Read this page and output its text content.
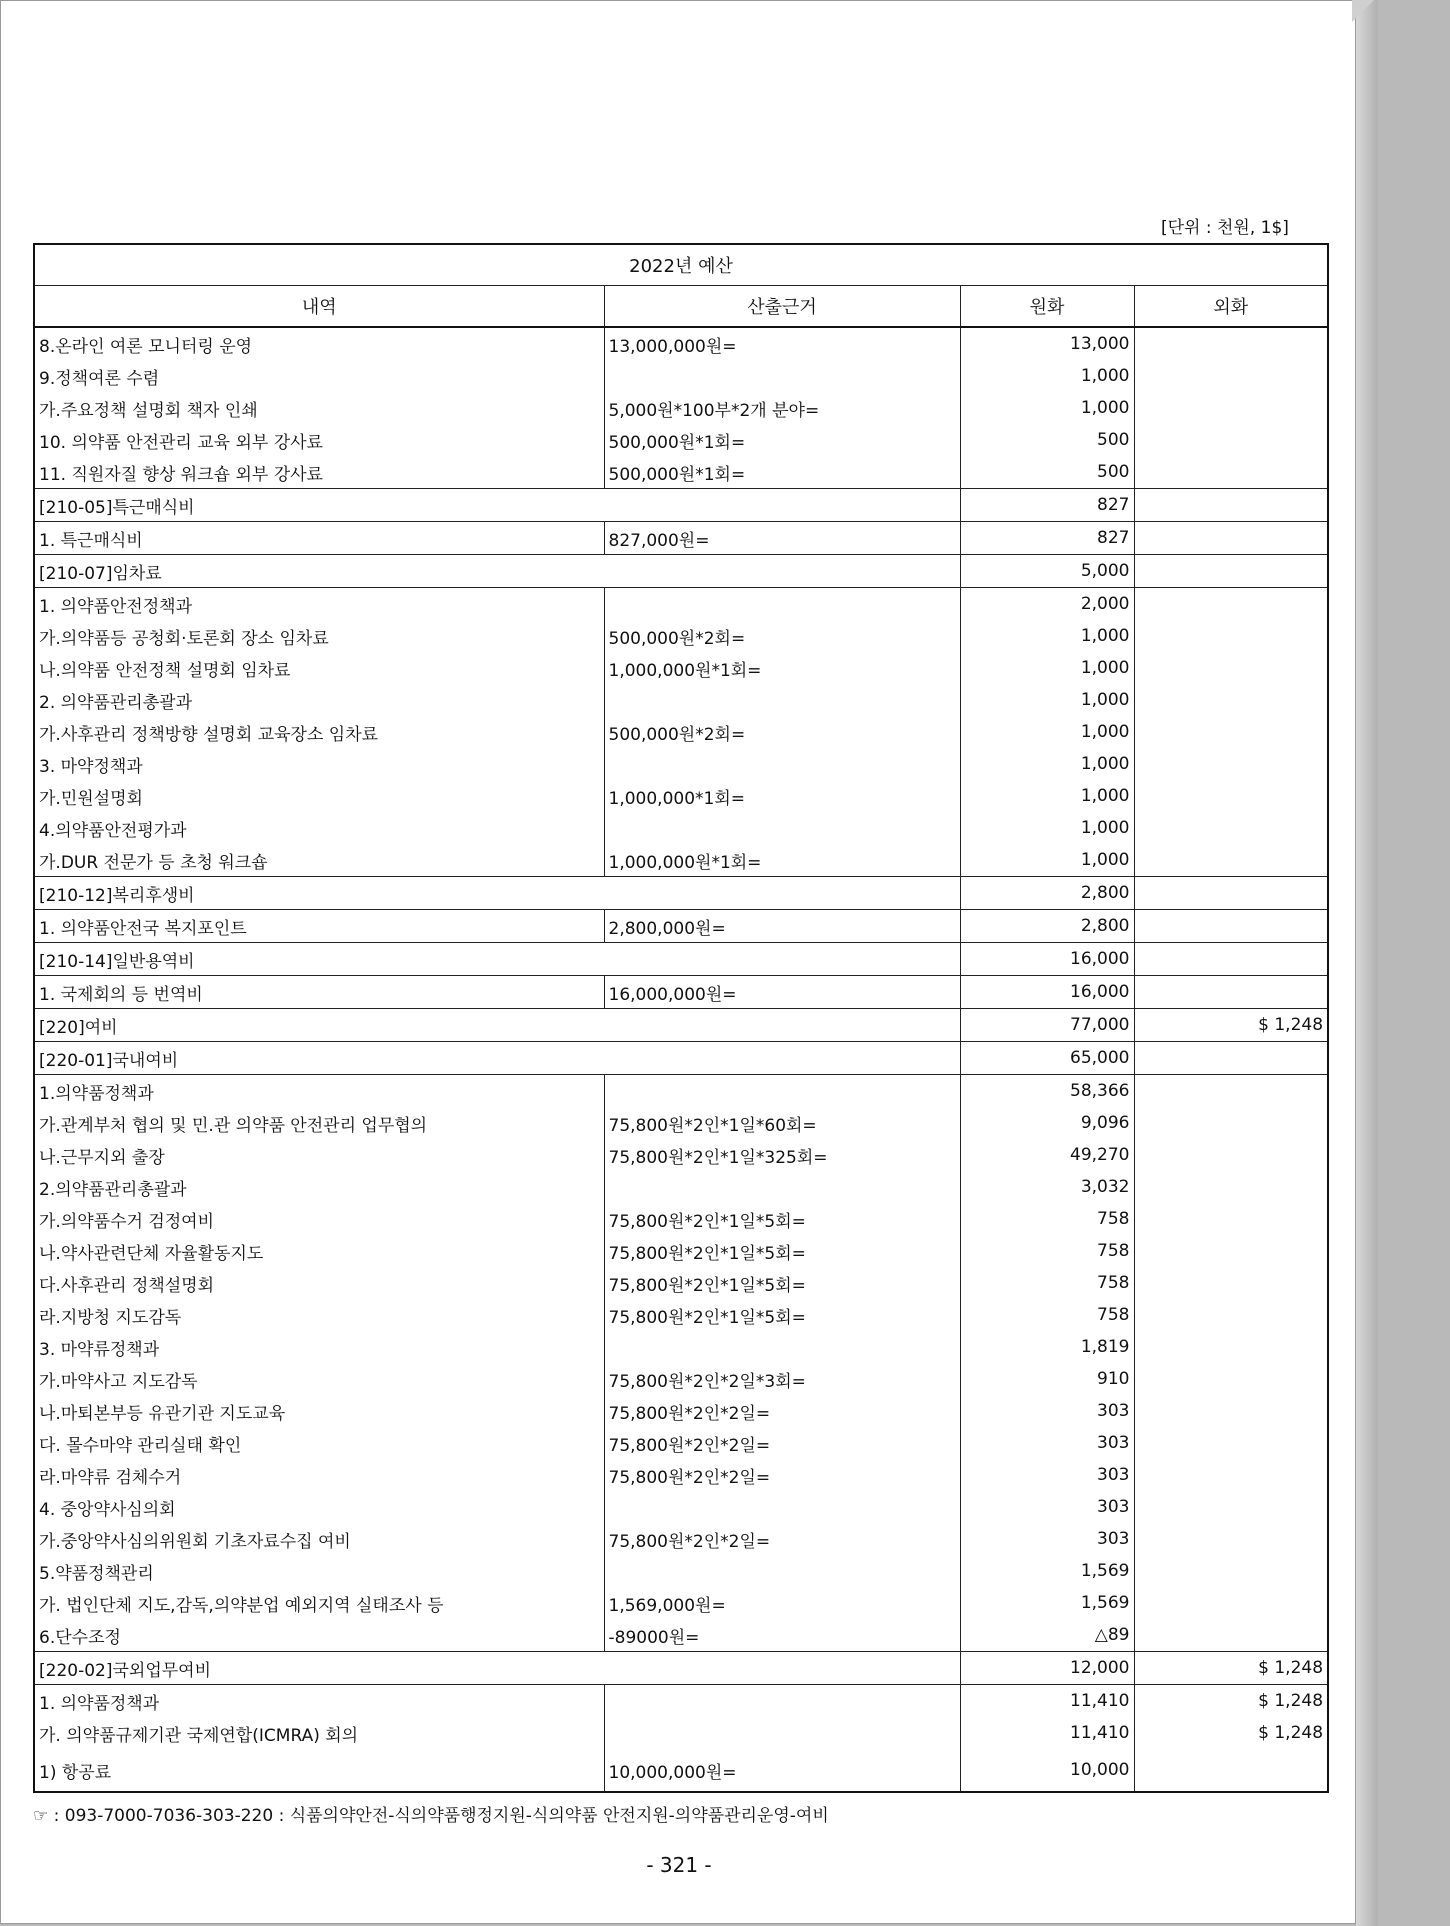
[단위 : 천원, 1$]
2022년 예산			
내역	산출근거	원화	외화
8.온라인 여론 모니터링 운영	13,000,000원=	13,000	
9.정책여론 수렴		1,000	
가.주요정책 설명회 책자 인쇄	5,000원*100부*2개 분야=	1,000	
10. 의약품 안전관리 교육 외부 강사료	500,000원*1회=	500	
11. 직원자질 향상 워크숍 외부 강사료	500,000원*1회=	500	
[210-05]특근매식비		827	
1. 특근매식비	827,000원=	827	
[210-07]임차료		5,000	
1. 의약품안전정책과		2,000	
가.의약품등 공청회·토론회 장소 임차료	500,000원*2회=	1,000	
나.의약품 안전정책 설명회 임차료	1,000,000원*1회=	1,000	
2. 의약품관리총괄과		1,000	
가.사후관리 정책방향 설명회 교육장소 임차료	500,000원*2회=	1,000	
3. 마약정책과		1,000	
가.민원설명회	1,000,000*1회=	1,000	
4.의약품안전평가과		1,000	
가.DUR 전문가 등 초청 워크숍	1,000,000원*1회=	1,000	
[210-12]복리후생비		2,800	
1. 의약품안전국 복지포인트	2,800,000원=	2,800	
[210-14]일반용역비		16,000	
1. 국제회의 등 번역비	16,000,000원=	16,000	
[220]여비		77,000	$ 1,248
[220-01]국내여비		65,000	
1.의약품정책과		58,366	
가.관계부처 협의 및 민.관 의약품 안전관리 업무협의	75,800원*2인*1일*60회=	9,096	
나.근무지외 출장	75,800원*2인*1일*325회=	49,270	
2.의약품관리총괄과		3,032	
가.의약품수거 검정여비	75,800원*2인*1일*5회=	758	
나.약사관련단체 자율활동지도	75,800원*2인*1일*5회=	758	
다.사후관리 정책설명회	75,800원*2인*1일*5회=	758	
라.지방청 지도감독	75,800원*2인*1일*5회=	758	
3. 마약류정책과		1,819	
가.마약사고 지도감독	75,800원*2인*2일*3회=	910	
나.마퇴본부등 유관기관 지도교육	75,800원*2인*2일=	303	
다. 몰수마약 관리실태 확인	75,800원*2인*2일=	303	
라.마약류 검체수거	75,800원*2인*2일=	303	
4. 중앙약사심의회		303	
가.중앙약사심의위원회 기초자료수집 여비	75,800원*2인*2일=	303	
5.약품정책관리		1,569	
가. 법인단체 지도,감독,의약분업 예외지역 실태조사 등	1,569,000원=	1,569	
6.단수조정	-89000원=	△89	
[220-02]국외업무여비		12,000	$ 1,248
1. 의약품정책과		11,410	$ 1,248
가. 의약품규제기관 국제연합(ICMRA) 회의		11,410	$ 1,248
1) 항공료	10,000,000원=	10,000	
☞ : 093-7000-7036-303-220 : 식품의약안전-식의약품행정지원-식의약품 안전지원-의약품관리운영-여비
- 321 -
